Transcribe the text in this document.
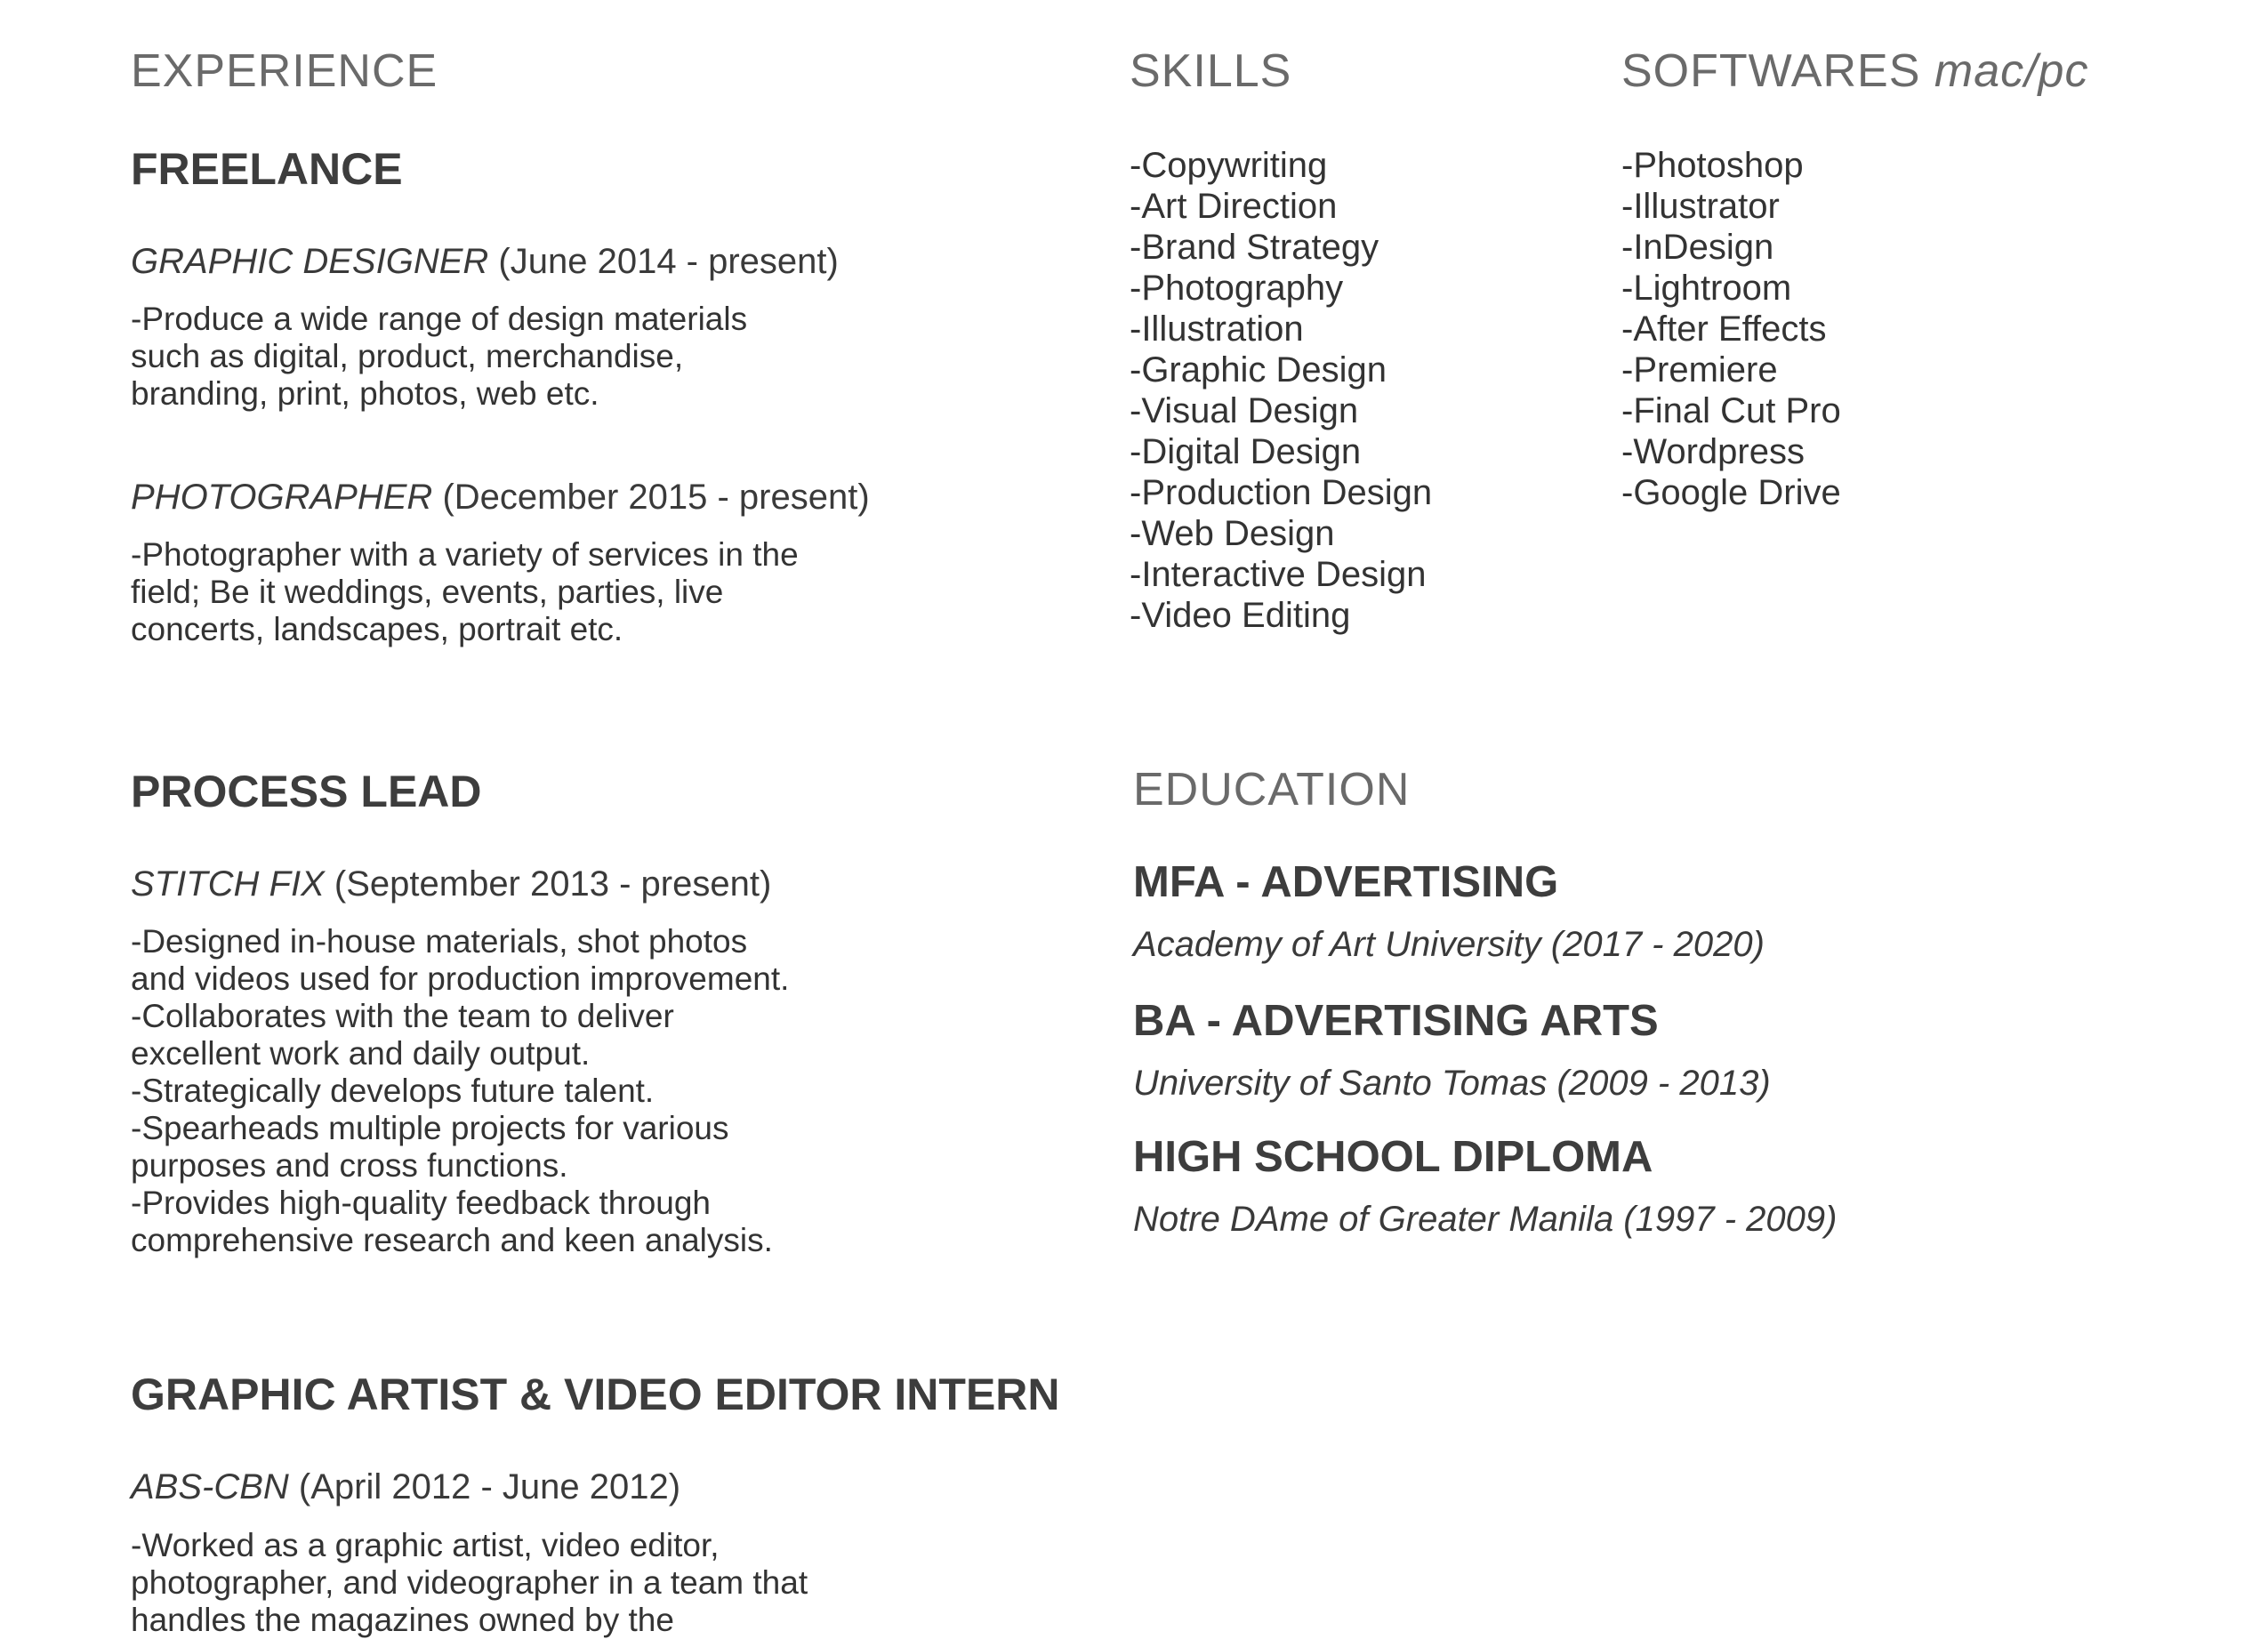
EXPERIENCE
FREELANCE
GRAPHIC DESIGNER (June 2014 - present)
-Produce a wide range of design materials
such as digital, product, merchandise,
branding, print, photos, web etc.
PHOTOGRAPHER (December 2015 - present)
-Photographer with a variety of services in the
field; Be it weddings, events, parties, live
concerts, landscapes, portrait etc.
PROCESS LEAD
STITCH FIX (September 2013 - present)
-Designed in-house materials, shot photos
and videos used for production improvement.
-Collaborates with the team to deliver
excellent work and daily output.
-Strategically develops future talent.
-Spearheads multiple projects for various
purposes and cross functions.
-Provides high-quality feedback through
comprehensive research and keen analysis.
GRAPHIC ARTIST & VIDEO EDITOR INTERN
ABS-CBN (April 2012 - June 2012)
-Worked as a graphic artist, video editor,
photographer, and videographer in a team that
handles the magazines owned by the
SKILLS
-Copywriting
-Art Direction
-Brand Strategy
-Photography
-Illustration
-Graphic Design
-Visual Design
-Digital Design
-Production Design
-Web Design
-Interactive Design
-Video Editing
SOFTWARES mac/pc
-Photoshop
-Illustrator
-InDesign
-Lightroom
-After Effects
-Premiere
-Final Cut Pro
-Wordpress
-Google Drive
EDUCATION
MFA - ADVERTISING
Academy of Art University (2017 - 2020)
BA - ADVERTISING ARTS
University of Santo Tomas (2009 - 2013)
HIGH SCHOOL DIPLOMA
Notre DAme of Greater Manila (1997 - 2009)
